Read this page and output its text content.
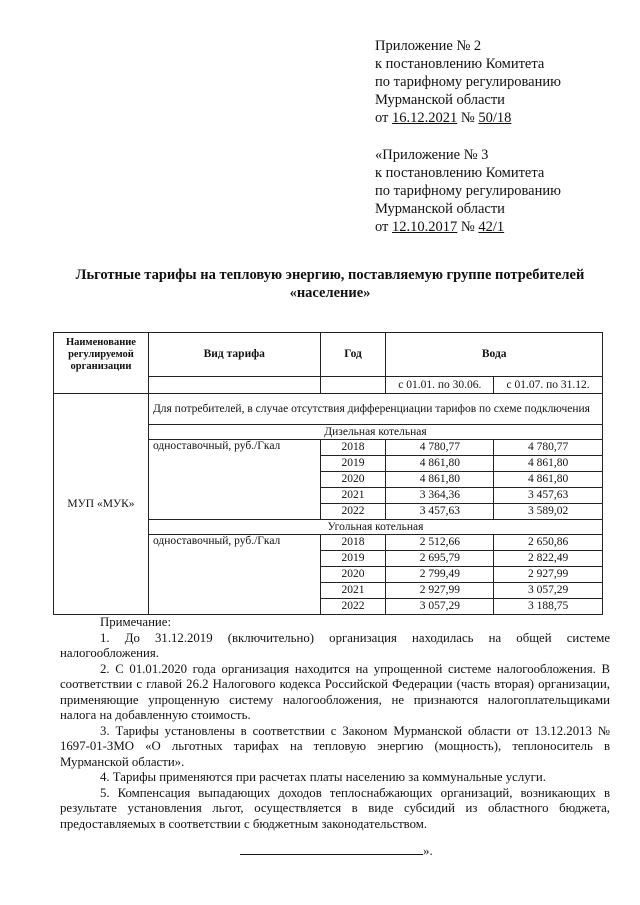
Приложение № 2
к постановлению Комитета
по тарифному регулированию
Мурманской области
от 16.12.2021 № 50/18
«Приложение № 3
к постановлению Комитета
по тарифному регулированию
Мурманской области
от 12.10.2017 № 42/1
Льготные тарифы на тепловую энергию, поставляемую группе потребителей «население»
Наименование регулируемой организации	Вид тарифа	Год	Вода	
			с 01.01. по 30.06.	с 01.07. по 31.12.
МУП «МУК»	Для потребителей, в случае отсутствия дифференциации тарифов по схеме подключения			
	Дизельная котельная			
	одноставочный, руб./Гкал	2018	4 780,77	4 780,77
		2019	4 861,80	4 861,80
		2020	4 861,80	4 861,80
		2021	3 364,36	3 457,63
		2022	3 457,63	3 589,02
	Угольная котельная			
	одноставочный, руб./Гкал	2018	2 512,66	2 650,86
		2019	2 695,79	2 822,49
		2020	2 799,49	2 927,99
		2021	2 927,99	3 057,29
		2022	3 057,29	3 188,75

Примечание:

1. До 31.12.2019 (включительно) организация находилась на общей системе налогообложения.

2. С 01.01.2020 года организация находится на упрощенной системе налогообложения. В соответствии с главой 26.2 Налогового кодекса Российской Федерации (часть вторая) организации, применяющие упрощенную систему налогообложения, не признаются налогоплательщиками налога на добавленную стоимость.

3. Тарифы установлены в соответствии с Законом Мурманской области от 13.12.2013 № 1697-01-ЗМО «О льготных тарифах на тепловую энергию (мощность), теплоноситель в Мурманской области».

4. Тарифы применяются при расчетах платы населению за коммунальные услуги.

5. Компенсация выпадающих доходов теплоснабжающих организаций, возникающих в результате установления льгот, осуществляется в виде субсидий из областного бюджета, предоставляемых в соответствии с бюджетным законодательством.

».
